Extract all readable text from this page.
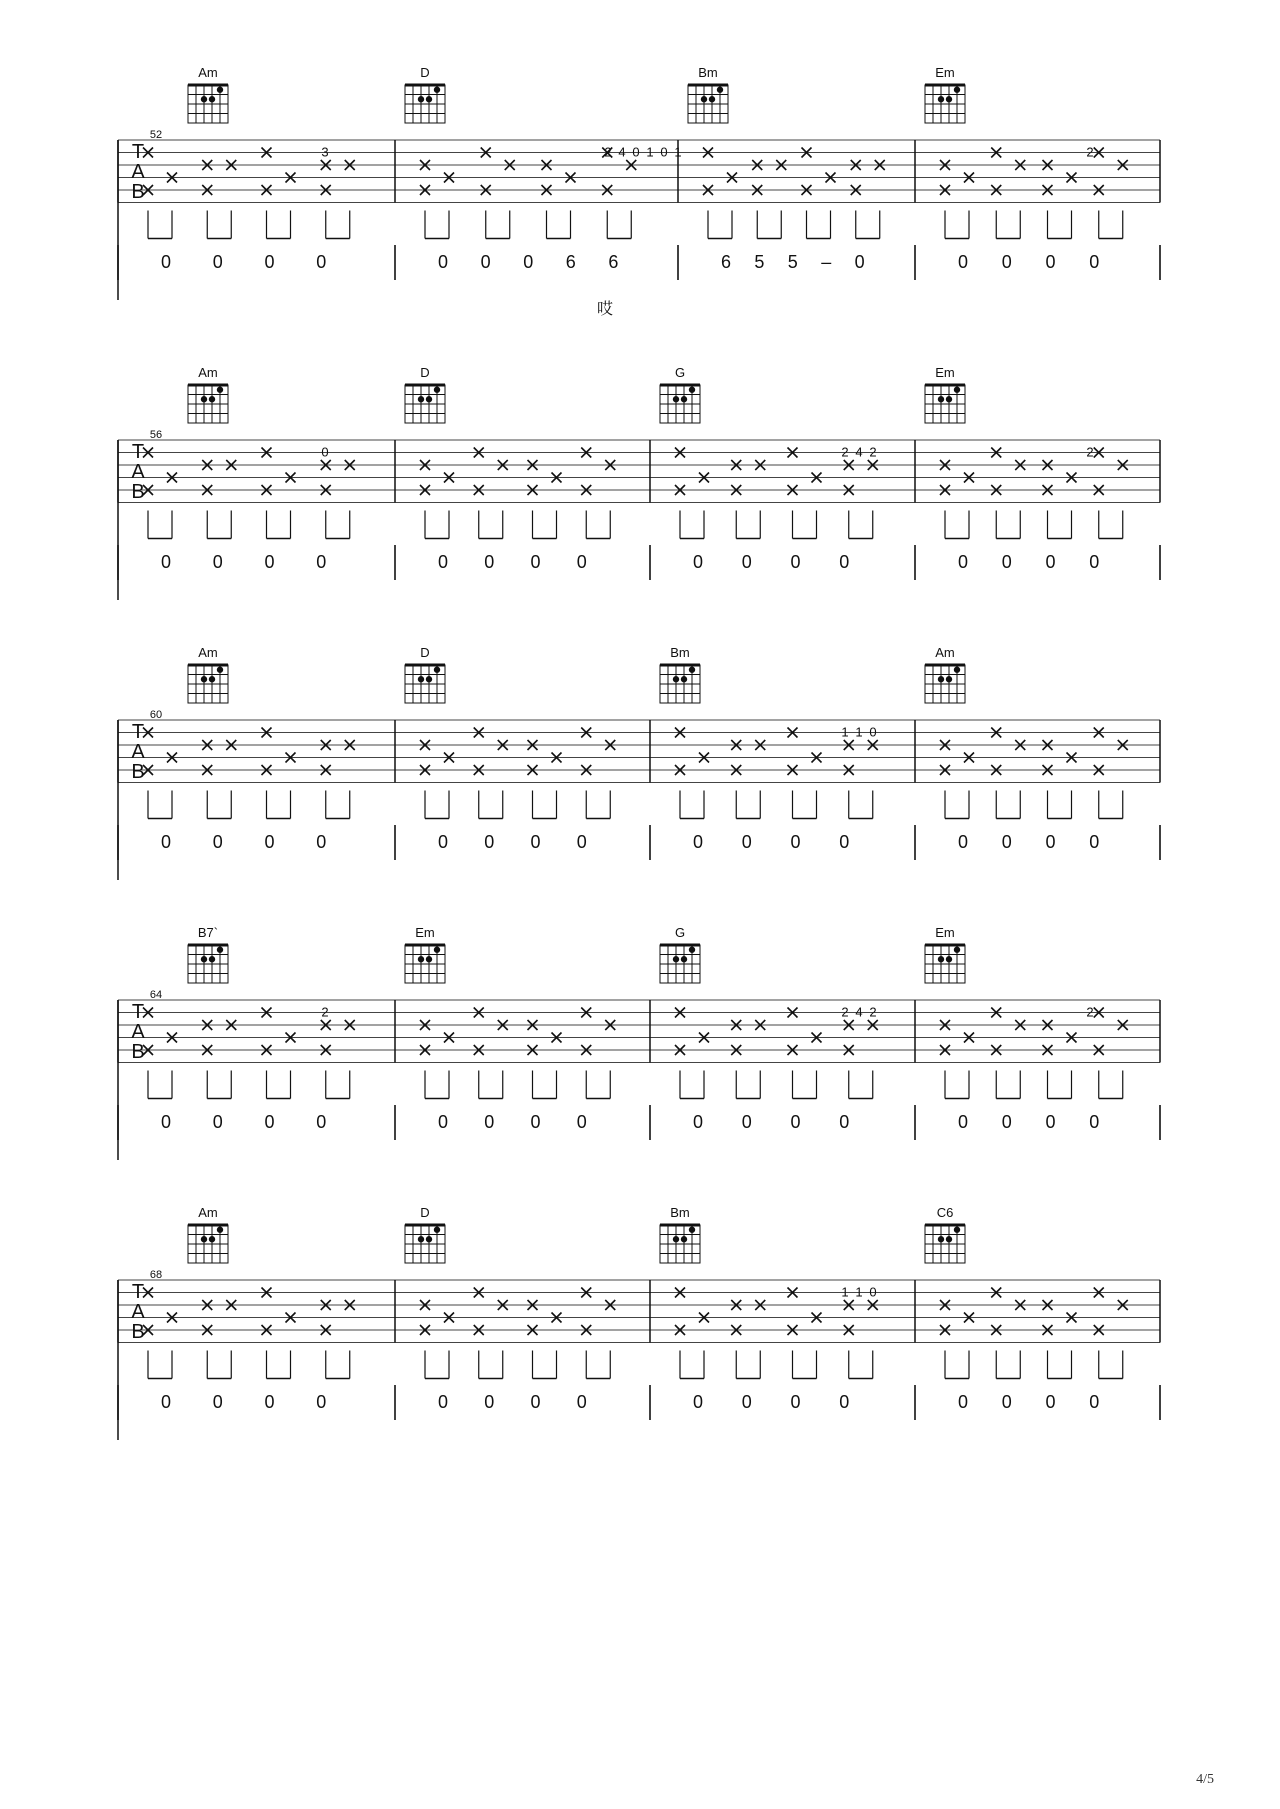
T
A
B
52
Am
3
0 0 0 0
D
2 4 0 1 0 1
0 0 0 6 6
Bm
6 5 5 – 0
Em
2
0 0 0 0
哎
T
A
B
56
Am
0
0 0 0 0
D
0 0 0 0
G
2 4 2
0 0 0 0
Em
2
0 0 0 0
T
A
B
60
Am
0 0 0 0
D
0 0 0 0
Bm
1 1 0
0 0 0 0
Am
0 0 0 0
T
A
B
64
B7`
2
0 0 0 0
Em
0 0 0 0
G
2 4 2
0 0 0 0
Em
2
0 0 0 0
T
A
B
68
Am
0 0 0 0
D
0 0 0 0
Bm
1 1 0
0 0 0 0
C6
0 0 0 0
4/5
